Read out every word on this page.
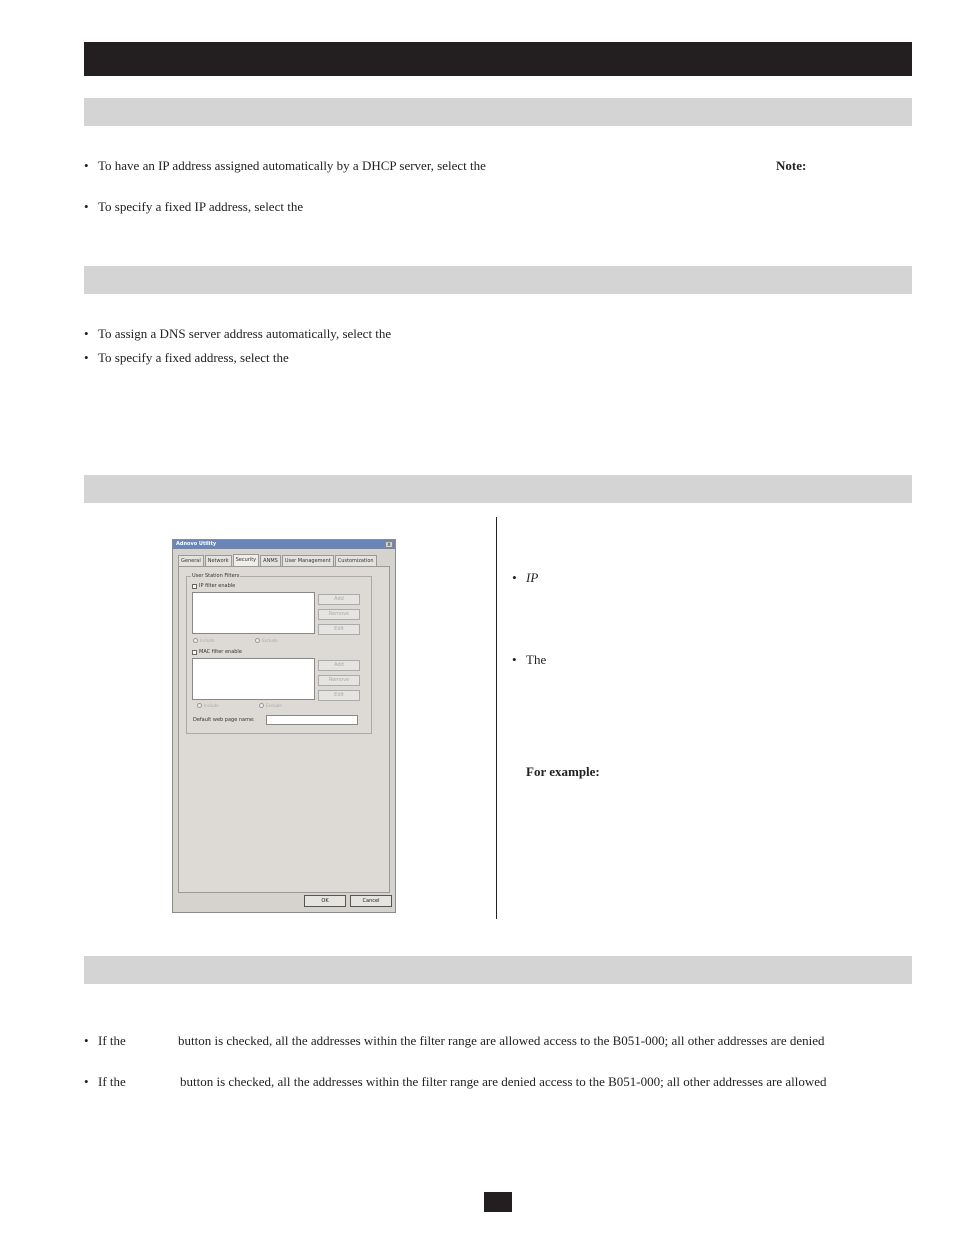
• To have an IP address assigned automatically by a DHCP server, select the	Note:
• To specify a fixed IP address, select the
• To assign a DNS server address automatically, select the
• To specify a fixed address, select the
Adnovo Utility	x
General	Network	Security	ANMS	User Management	Customization
User Station Filters
IP filter enable
Add
Remove
Edit
Include	Exclude
MAC filter enable
Add
Remove
Edit
Include	Exclude
Default web page name:
OK	Cancel
• IP
• The
For example:
• If the	button is checked, all the addresses within the filter range are allowed access to the B051-000; all other addresses are denied
• If the	button is checked, all the addresses within the filter range are denied access to the B051-000; all other addresses are allowed
